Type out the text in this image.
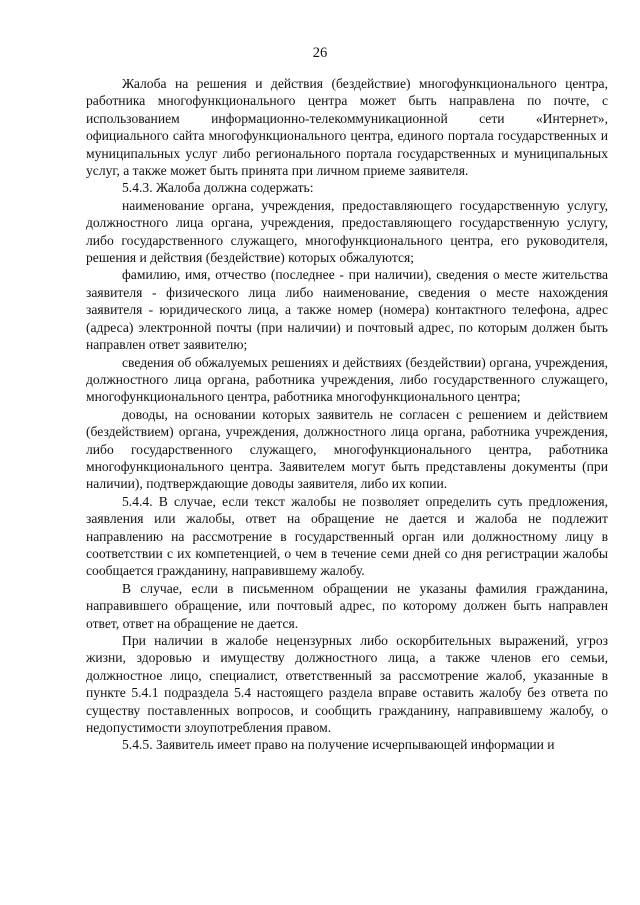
26

Жалоба на решения и действия (бездействие) многофункционального центра, работника многофункционального центра может быть направлена по почте, с использованием информационно-телекоммуникационной сети «Интернет», официального сайта многофункционального центра, единого портала государственных и муниципальных услуг либо регионального портала государственных и муниципальных услуг, а также может быть принята при личном приеме заявителя.

5.4.3. Жалоба должна содержать:

наименование органа, учреждения, предоставляющего государственную услугу, должностного лица органа, учреждения, предоставляющего государственную услугу, либо государственного служащего, многофункционального центра, его руководителя, решения и действия (бездействие) которых обжалуются;

фамилию, имя, отчество (последнее - при наличии), сведения о месте жительства заявителя - физического лица либо наименование, сведения о месте нахождения заявителя - юридического лица, а также номер (номера) контактного телефона, адрес (адреса) электронной почты (при наличии) и почтовый адрес, по которым должен быть направлен ответ заявителю;

сведения об обжалуемых решениях и действиях (бездействии) органа, учреждения, должностного лица органа, работника учреждения, либо государственного служащего, многофункционального центра, работника многофункционального центра;

доводы, на основании которых заявитель не согласен с решением и действием (бездействием) органа, учреждения, должностного лица органа, работника учреждения, либо государственного служащего, многофункционального центра, работника многофункционального центра. Заявителем могут быть представлены документы (при наличии), подтверждающие доводы заявителя, либо их копии.

5.4.4. В случае, если текст жалобы не позволяет определить суть предложения, заявления или жалобы, ответ на обращение не дается и жалоба не подлежит направлению на рассмотрение в государственный орган или должностному лицу в соответствии с их компетенцией, о чем в течение семи дней со дня регистрации жалобы сообщается гражданину, направившему жалобу.

В случае, если в письменном обращении не указаны фамилия гражданина, направившего обращение, или почтовый адрес, по которому должен быть направлен ответ, ответ на обращение не дается.

При наличии в жалобе нецензурных либо оскорбительных выражений, угроз жизни, здоровью и имуществу должностного лица, а также членов его семьи, должностное лицо, специалист, ответственный за рассмотрение жалоб, указанные в пункте 5.4.1 подраздела 5.4 настоящего раздела вправе оставить жалобу без ответа по существу поставленных вопросов, и сообщить гражданину, направившему жалобу, о недопустимости злоупотребления правом.

5.4.5. Заявитель имеет право на получение исчерпывающей информации и
